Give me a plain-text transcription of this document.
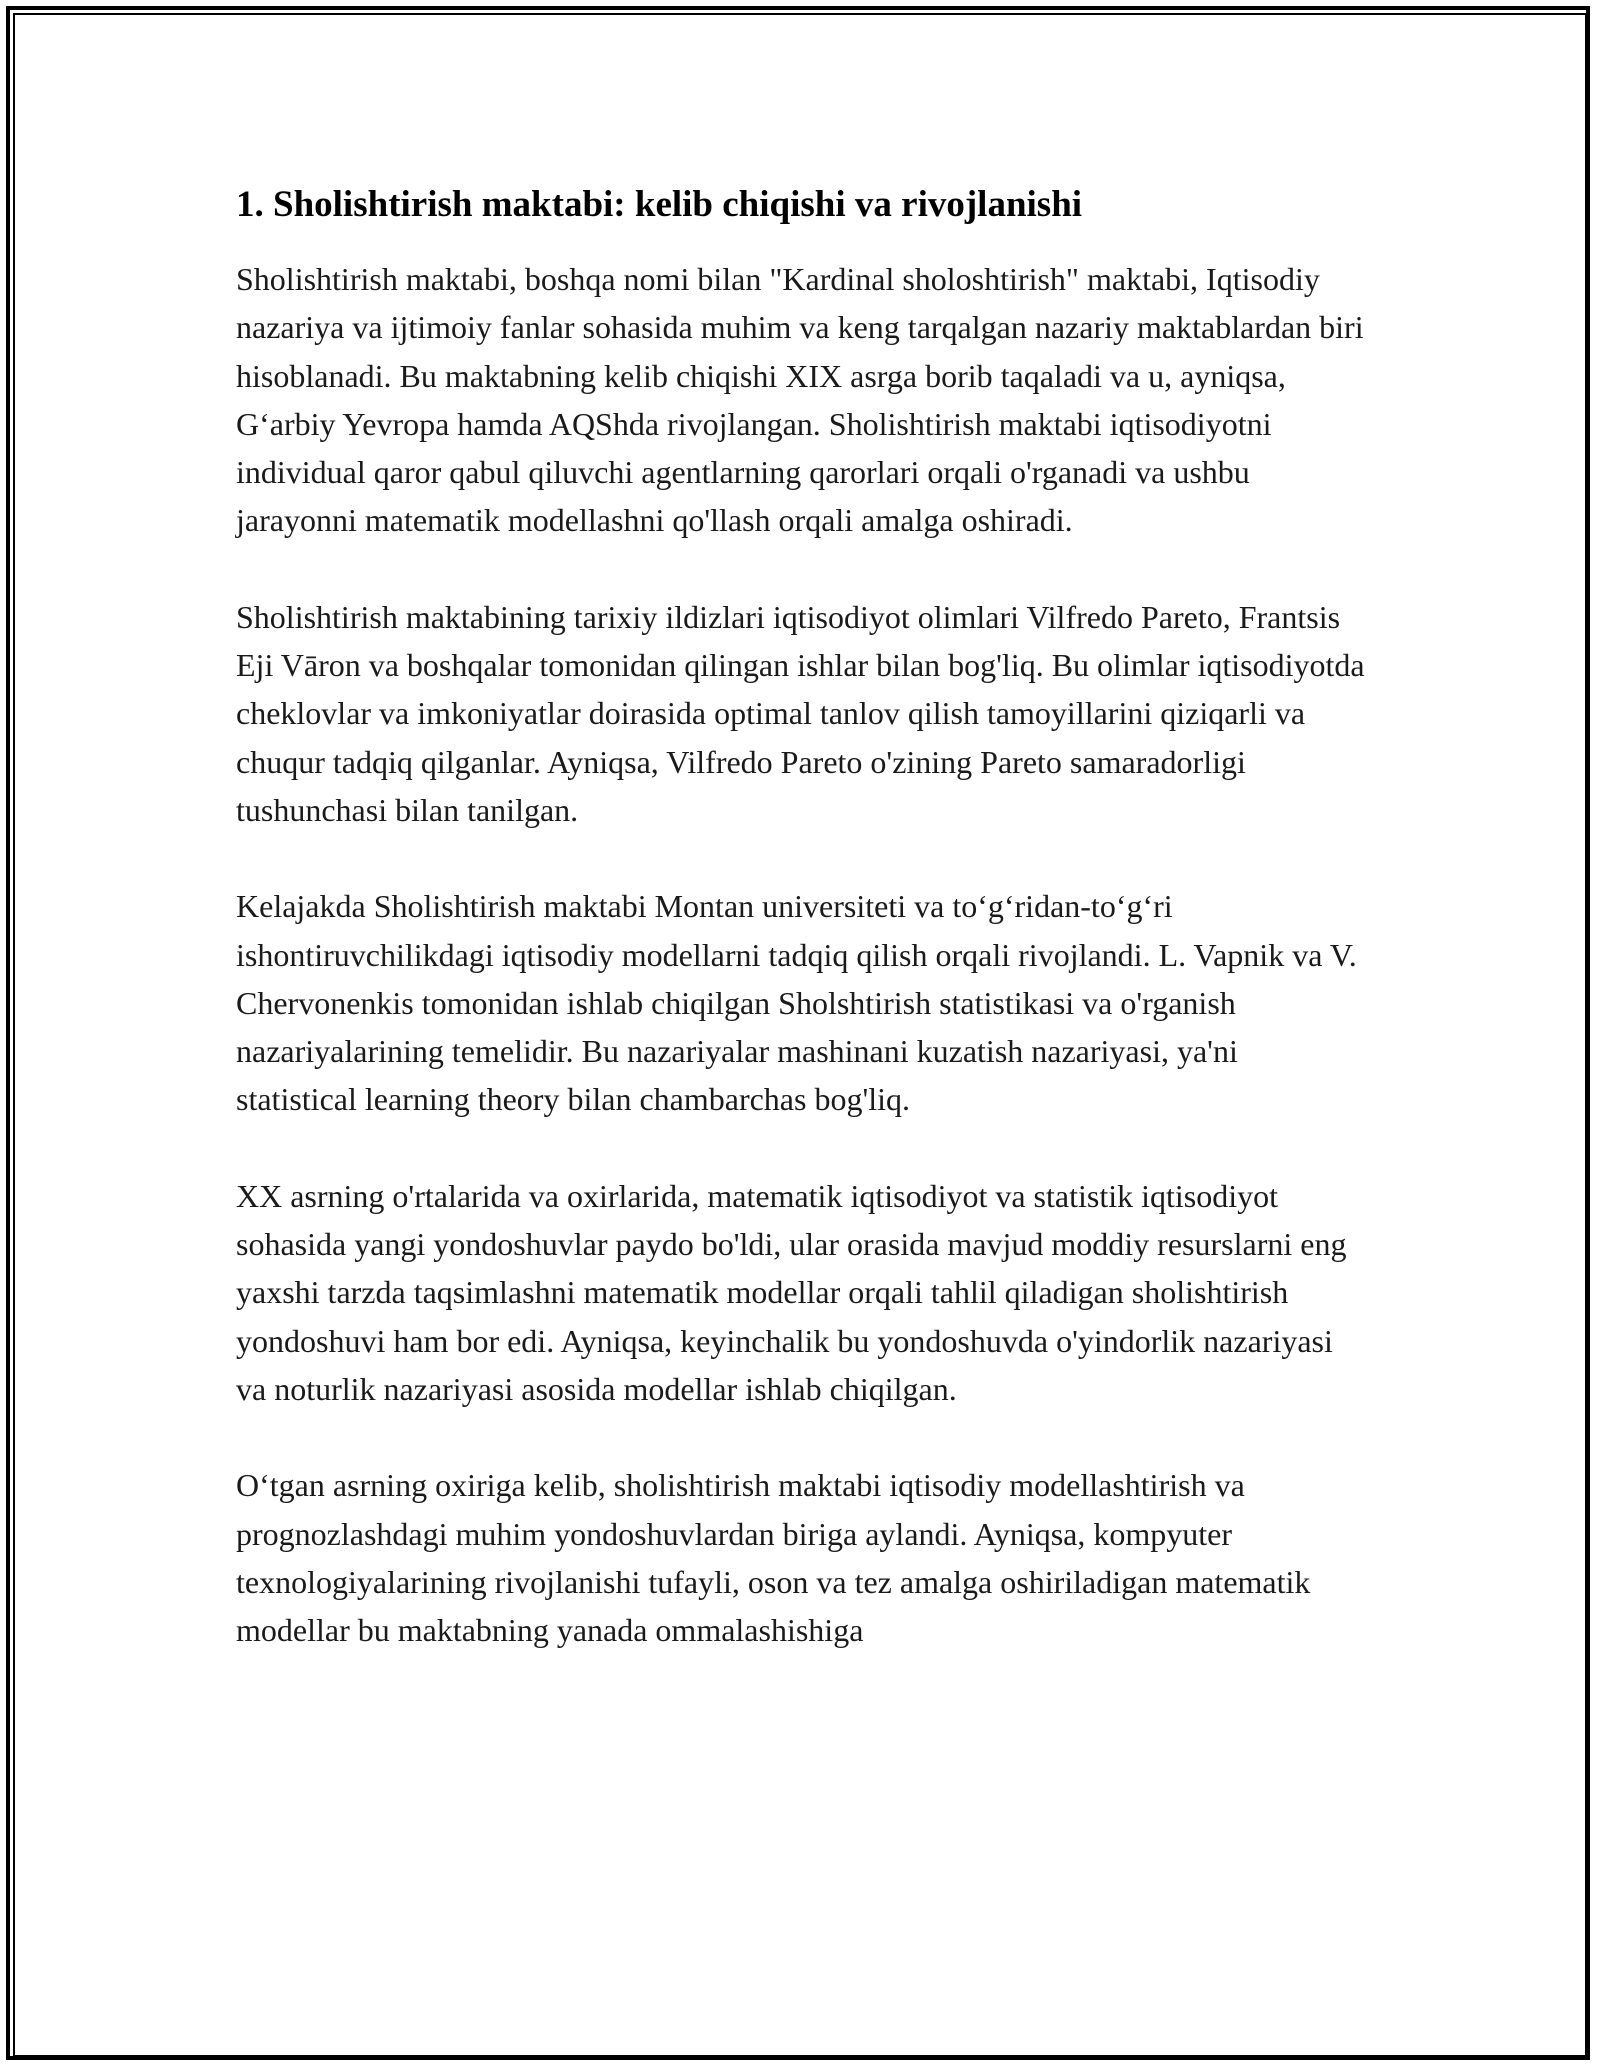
1. Sholishtirish maktabi: kelib chiqishi va rivojlanishi

Sholishtirish maktabi, boshqa nomi bilan "Kardinal sholoshtirish" maktabi, Iqtisodiy nazariya va ijtimoiy fanlar sohasida muhim va keng tarqalgan nazariy maktablardan biri hisoblanadi. Bu maktabning kelib chiqishi XIX asrga borib taqaladi va u, ayniqsa, G‘arbiy Yevropa hamda AQShda rivojlangan. Sholishtirish maktabi iqtisodiyotni individual qaror qabul qiluvchi agentlarning qarorlari orqali o'rganadi va ushbu jarayonni matematik modellashni qo'llash orqali amalga oshiradi.

Sholishtirish maktabining tarixiy ildizlari iqtisodiyot olimlari Vilfredo Pareto, Frantsis Eji Vāron va boshqalar tomonidan qilingan ishlar bilan bog'liq. Bu olimlar iqtisodiyotda cheklovlar va imkoniyatlar doirasida optimal tanlov qilish tamoyillarini qiziqarli va chuqur tadqiq qilganlar. Ayniqsa, Vilfredo Pareto o'zining Pareto samaradorligi tushunchasi bilan tanilgan.

Kelajakda Sholishtirish maktabi Montan universiteti va to‘g‘ridan-to‘g‘ri ishontiruvchilikdagi iqtisodiy modellarni tadqiq qilish orqali rivojlandi. L. Vapnik va V. Chervonenkis tomonidan ishlab chiqilgan Sholshtirish statistikasi va o'rganish nazariyalarining temelidir. Bu nazariyalar mashinani kuzatish nazariyasi, ya'ni statistical learning theory bilan chambarchas bog'liq.

XX asrning o'rtalarida va oxirlarida, matematik iqtisodiyot va statistik iqtisodiyot sohasida yangi yondoshuvlar paydo bo'ldi, ular orasida mavjud moddiy resurslarni eng yaxshi tarzda taqsimlashni matematik modellar orqali tahlil qiladigan sholishtirish yondoshuvi ham bor edi. Ayniqsa, keyinchalik bu yondoshuvda o'yindorlik nazariyasi va noturlik nazariyasi asosida modellar ishlab chiqilgan.

O‘tgan asrning oxiriga kelib, sholishtirish maktabi iqtisodiy modellashtirish va prognozlashdagi muhim yondoshuvlardan biriga aylandi. Ayniqsa, kompyuter texnologiyalarining rivojlanishi tufayli, oson va tez amalga oshiriladigan matematik modellar bu maktabning yanada ommalashishiga
